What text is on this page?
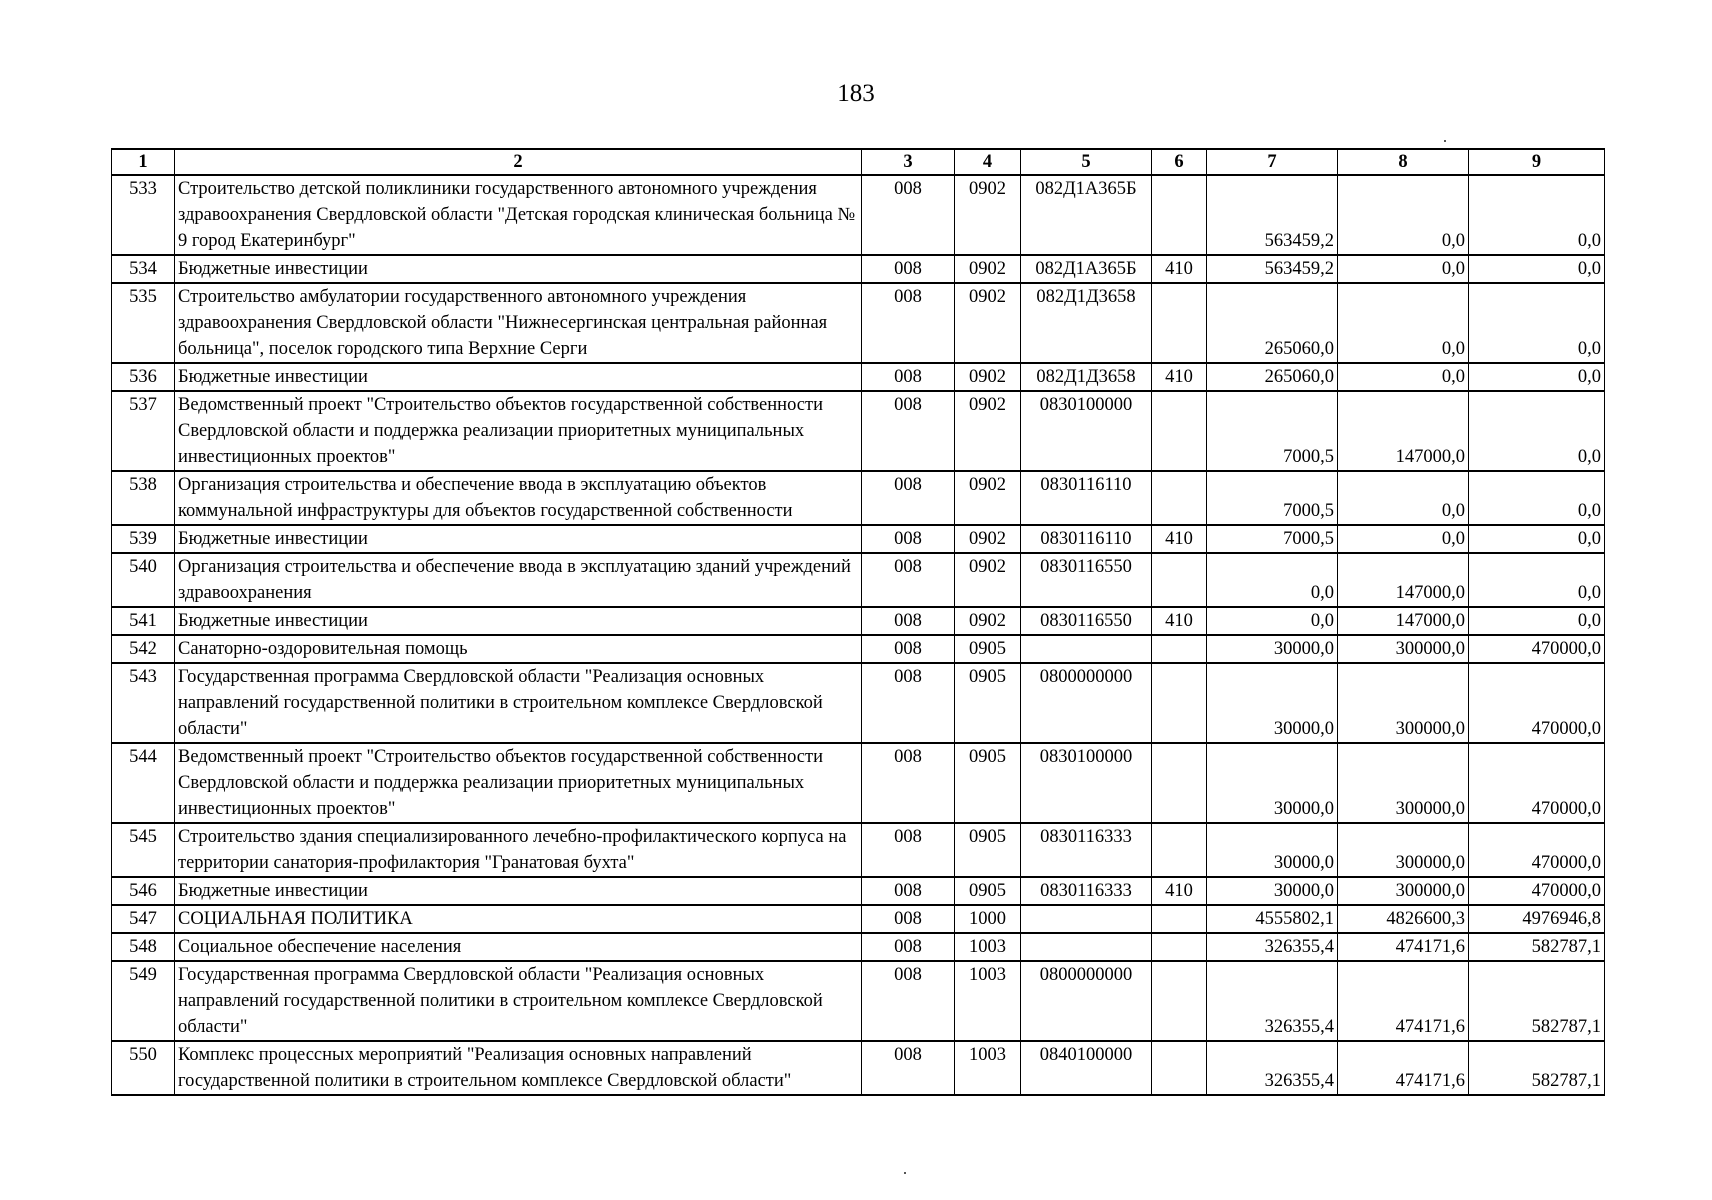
183
1	2	3	4	5	6	7	8	9
533	Строительство детской поликлиники государственного автономного учреждения здравоохранения Свердловской области "Детская городская клиническая больница № 9 город Екатеринбург"	008	0902	082Д1А365Б		563459,2	0,0	0,0
534	Бюджетные инвестиции	008	0902	082Д1А365Б	410	563459,2	0,0	0,0
535	Строительство амбулатории государственного автономного учреждения здравоохранения Свердловской области "Нижнесергинская центральная районная больница", поселок городского типа Верхние Серги	008	0902	082Д1Д3658		265060,0	0,0	0,0
536	Бюджетные инвестиции	008	0902	082Д1Д3658	410	265060,0	0,0	0,0
537	Ведомственный проект "Строительство объектов государственной собственности Свердловской области и поддержка реализации приоритетных муниципальных инвестиционных проектов"	008	0902	0830100000		7000,5	147000,0	0,0
538	Организация строительства и обеспечение ввода в эксплуатацию объектов коммунальной инфраструктуры для объектов государственной собственности	008	0902	0830116110		7000,5	0,0	0,0
539	Бюджетные инвестиции	008	0902	0830116110	410	7000,5	0,0	0,0
540	Организация строительства и обеспечение ввода в эксплуатацию зданий учреждений здравоохранения	008	0902	0830116550		0,0	147000,0	0,0
541	Бюджетные инвестиции	008	0902	0830116550	410	0,0	147000,0	0,0
542	Санаторно-оздоровительная помощь	008	0905			30000,0	300000,0	470000,0
543	Государственная программа Свердловской области "Реализация основных направлений государственной политики в строительном комплексе Свердловской области"	008	0905	0800000000		30000,0	300000,0	470000,0
544	Ведомственный проект "Строительство объектов государственной собственности Свердловской области и поддержка реализации приоритетных муниципальных инвестиционных проектов"	008	0905	0830100000		30000,0	300000,0	470000,0
545	Строительство здания специализированного лечебно-профилактического корпуса на территории санатория-профилактория "Гранатовая бухта"	008	0905	0830116333		30000,0	300000,0	470000,0
546	Бюджетные инвестиции	008	0905	0830116333	410	30000,0	300000,0	470000,0
547	СОЦИАЛЬНАЯ ПОЛИТИКА	008	1000			4555802,1	4826600,3	4976946,8
548	Социальное обеспечение населения	008	1003			326355,4	474171,6	582787,1
549	Государственная программа Свердловской области "Реализация основных направлений государственной политики в строительном комплексе Свердловской области"	008	1003	0800000000		326355,4	474171,6	582787,1
550	Комплекс процессных мероприятий "Реализация основных направлений государственной политики в строительном комплексе Свердловской области"	008	1003	0840100000		326355,4	474171,6	582787,1
